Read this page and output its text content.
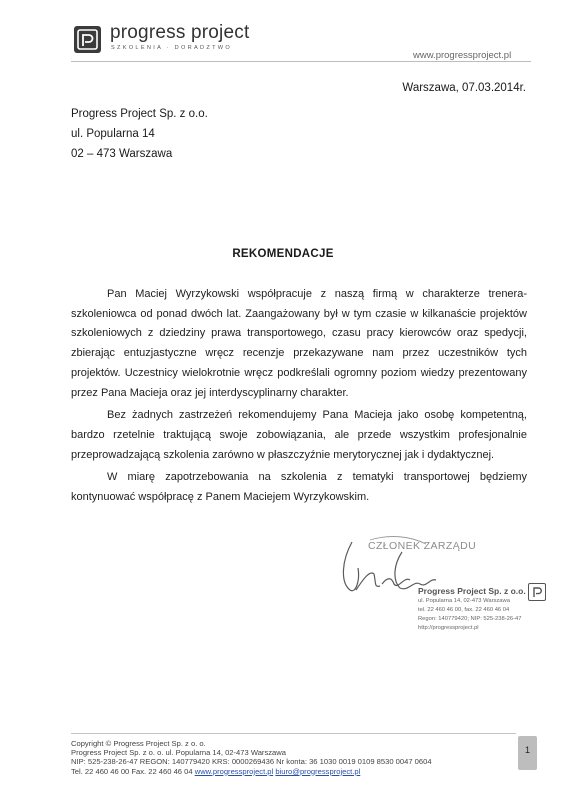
progress project
SZKOLENIA · DORADZTWO
www.progressproject.pl
Warszawa, 07.03.2014r.
Progress Project Sp. z o.o.
ul. Popularna 14
02 – 473 Warszawa
REKOMENDACJE

Pan Maciej Wyrzykowski współpracuje z naszą firmą w charakterze trenera-szkoleniowca od ponad dwóch lat. Zaangażowany był w tym czasie w kilkanaście projektów szkoleniowych z dziedziny prawa transportowego, czasu pracy kierowców oraz spedycji, zbierając entuzjastyczne wręcz recenzje przekazywane nam przez uczestników tych projektów. Uczestnicy wielokrotnie wręcz podkreślali ogromny poziom wiedzy prezentowany przez Pana Macieja oraz jej interdyscyplinarny charakter.

Bez żadnych zastrzeżeń rekomendujemy Pana Macieja jako osobę kompetentną, bardzo rzetelnie traktującą swoje zobowiązania, ale przede wszystkim profesjonalnie przeprowadzającą szkolenia zarówno w płaszczyźnie merytorycznej jak i dydaktycznej.

W miarę zapotrzebowania na szkolenia z tematyki transportowej będziemy kontynuować współpracę z Panem Maciejem Wyrzykowskim.

CZŁONEK ZARZĄDU
Progress Project Sp. z o.o.
ul. Popularna 14, 02-473 Warszawa
tel. 22 460 46 00, fax. 22 460 46 04
Regon: 140779420; NIP: 525-238-26-47
http://progressproject.pl
Copyright © Progress Project Sp. z o. o.
Progress Project Sp. z o. o. ul. Popularna 14, 02-473 Warszawa
NIP: 525-238-26-47 REGON: 140779420 KRS: 0000269436 Nr konta: 36 1030 0019 0109 8530 0047 0604
Tel. 22 460 46 00 Fax. 22 460 46 04 www.progressproject.pl biuro@progressproject.pl
1
